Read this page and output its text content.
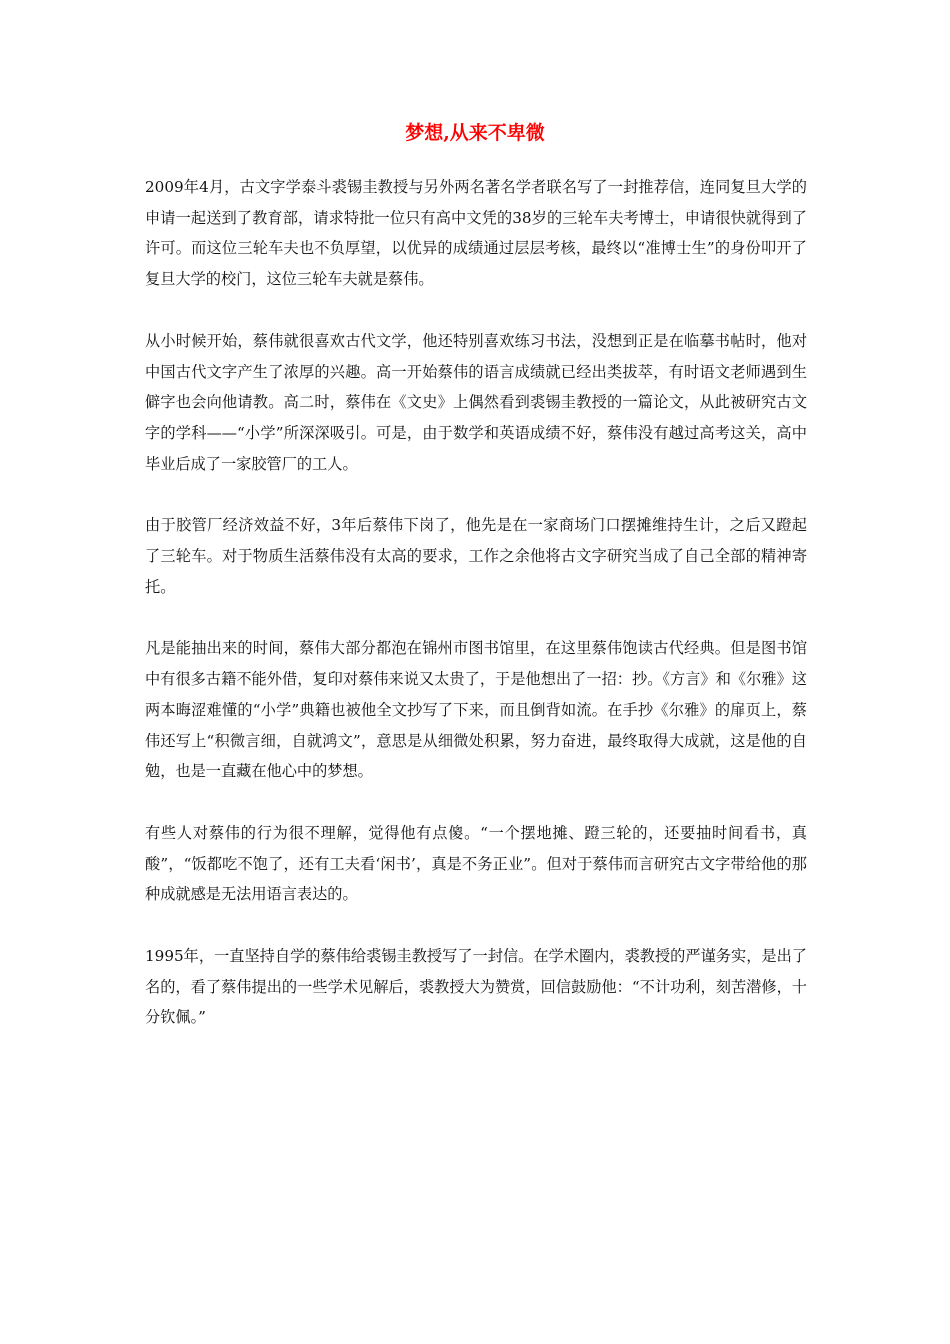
梦想,从来不卑微

2009年4月，古文字学泰斗裘锡圭教授与另外两名著名学者联名写了一封推荐信，连同复旦大学的申请一起送到了教育部，请求特批一位只有高中文凭的38岁的三轮车夫考博士，申请很快就得到了许可。而这位三轮车夫也不负厚望，以优异的成绩通过层层考核，最终以“准博士生”的身份叩开了复旦大学的校门，这位三轮车夫就是蔡伟。

从小时候开始，蔡伟就很喜欢古代文学，他还特别喜欢练习书法，没想到正是在临摹书帖时，他对中国古代文字产生了浓厚的兴趣。高一开始蔡伟的语言成绩就已经出类拔萃，有时语文老师遇到生僻字也会向他请教。高二时，蔡伟在《文史》上偶然看到裘锡圭教授的一篇论文，从此被研究古文字的学科——“小学”所深深吸引。可是，由于数学和英语成绩不好，蔡伟没有越过高考这关，高中毕业后成了一家胶管厂的工人。

由于胶管厂经济效益不好，3年后蔡伟下岗了，他先是在一家商场门口摆摊维持生计，之后又蹬起了三轮车。对于物质生活蔡伟没有太高的要求，工作之余他将古文字研究当成了自己全部的精神寄托。

凡是能抽出来的时间，蔡伟大部分都泡在锦州市图书馆里，在这里蔡伟饱读古代经典。但是图书馆中有很多古籍不能外借，复印对蔡伟来说又太贵了，于是他想出了一招：抄。《方言》和《尔雅》这两本晦涩难懂的“小学”典籍也被他全文抄写了下来，而且倒背如流。在手抄《尔雅》的扉页上，蔡伟还写上“积微言细，自就鸿文”，意思是从细微处积累，努力奋进，最终取得大成就，这是他的自勉，也是一直藏在他心中的梦想。

有些人对蔡伟的行为很不理解，觉得他有点傻。“一个摆地摊、蹬三轮的，还要抽时间看书，真酸”，“饭都吃不饱了，还有工夫看‘闲书’，真是不务正业”。但对于蔡伟而言研究古文字带给他的那种成就感是无法用语言表达的。

1995年，一直坚持自学的蔡伟给裘锡圭教授写了一封信。在学术圈内，裘教授的严谨务实，是出了名的，看了蔡伟提出的一些学术见解后，裘教授大为赞赏，回信鼓励他：“不计功利，刻苦潜修，十分钦佩。”
